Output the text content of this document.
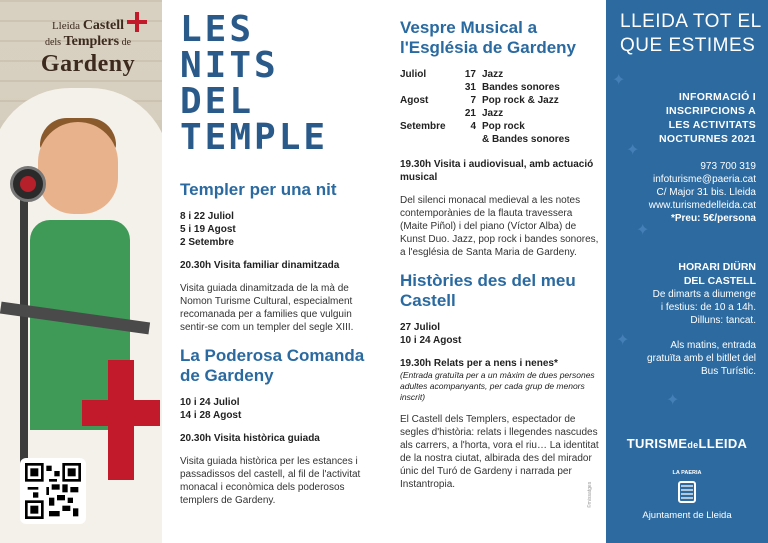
Lleida Castell
dels Templers de
Gardeny
LES
NITS
DEL
TEMPLE
Templer per una nit
8 i 22 Juliol
5 i 19 Agost
2 Setembre
20.30h Visita familiar dinamitzada
Visita guiada dinamitzada de la mà de Nomon Turisme Cultural, especialment recomanada per a families que vulguin sentir-se com un templer del segle XIII.
La Poderosa Comanda de Gardeny
10 i 24 Juliol
14 i 28 Agost
20.30h Visita històrica guiada
Visita guiada històrica per les estances i passadissos del castell, al fil de l'activitat monacal i econòmica dels poderosos templers de Gardeny.
Vespre Musical a l'Església de Gardeny
Juliol	17 Jazz
31 Bandes sonores
Agost	7 Pop rock & Jazz
21 Jazz
Setembre	4 Pop rock
& Bandes sonores
19.30h Visita i audiovisual, amb actuació musical
Del silenci monacal medieval a les notes contemporànies de la flauta travessera (Maite Piñol) i del piano (Víctor Alba) de Kunst Duo. Jazz, pop rock i bandes sonores, a l'església de Santa Maria de Gardeny.
Històries des del meu Castell
27 Juliol
10 i 24 Agost
19.30h Relats per a nens i nenes*
(Entrada gratuïta per a un màxim de dues persones adultes acompanyants, per cada grup de menors inscrit)
El Castell dels Templers, espectador de segles d'història: relats i llegendes nascudes als carrers, a l'horta, vora el riu… La identitat de la nostra ciutat, albirada des del mirador únic del Turó de Gardeny i narrada per Instantropia.
✦
✦
✦
✦
✦
LLEIDA TOT EL
QUE ESTIMES
INFORMACIÓ I
INSCRIPCIONS A
LES ACTIVITATS
NOCTURNES 2021
973 700 319
infoturisme@paeria.cat
C/ Major 31 bis. Lleida
www.turismedelleida.cat
*Preu: 5€/persona
HORARI DIÜRN
DEL CASTELL
De dimarts a diumenge
i festius: de 10 a 14h.
Dilluns: tancat.
Als matins, entrada
gratuïta amb el bitllet del
Bus Turístic.
TURISMEdeLLEIDA
LA PAERIA
Ajuntament de Lleida
©missatges
